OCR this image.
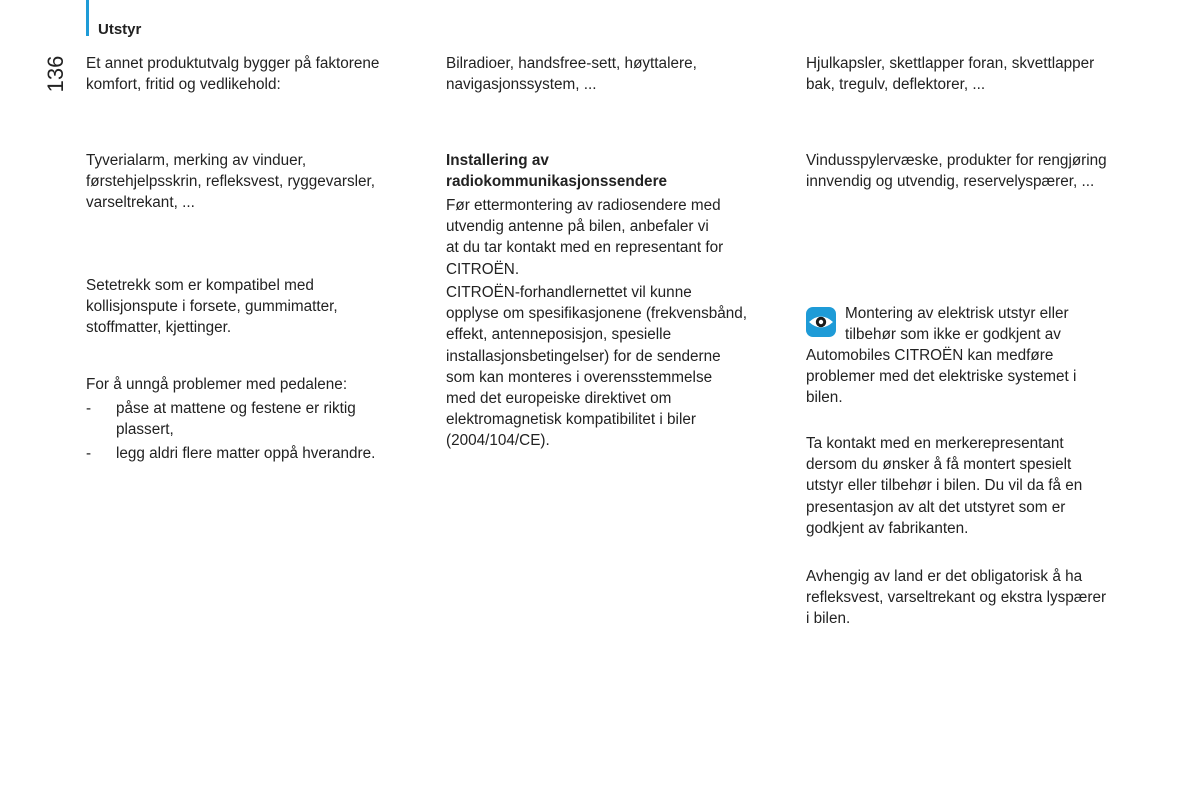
Utstyr
136 Et annet produktutvalg bygger på faktorene
komfort, fritid og vedlikehold:

Tyverialarm, merking av vinduer,
førstehjelpsskrin, refleksvest, ryggevarsler,
varseltrekant, ...

Setetrekk som er kompatibel med
kollisjonspute i forsete, gummimatter,
stoffmatter, kjettinger.

For å unngå problemer med pedalene:

- påse at mattene og festene er riktig
plassert,

- legg aldri flere matter oppå hverandre.

Bilradioer, handsfree-sett, høyttalere,
navigasjonssystem, ...

Installering av
radiokommunikasjonssendere

Før ettermontering av radiosendere med
utvendig antenne på bilen, anbefaler vi
at du tar kontakt med en representant for
CITROËN.

CITROËN-forhandlernettet vil kunne
opplyse om spesifikasjonene (frekvensbånd,
effekt, antenneposisjon, spesielle
installasjonsbetingelser) for de senderne
som kan monteres i overensstemmelse
med det europeiske direktivet om
elektromagnetisk kompatibilitet i biler
(2004/104/CE).

Hjulkapsler, skettlapper foran, skvettlapper
bak, tregulv, deflektorer, ...

Vindusspylervæske, produkter for rengjøring
innvendig og utvendig, reservelyspærer, ...

Montering av elektrisk utstyr eller
tilbehør som ikke er godkjent av

Automobiles CITROËN kan medføre
problemer med det elektriske systemet i
bilen.

Ta kontakt med en merkerepresentant
dersom du ønsker å få montert spesielt
utstyr eller tilbehør i bilen. Du vil da få en
presentasjon av alt det utstyret som er
godkjent av fabrikanten.

Avhengig av land er det obligatorisk å ha
refleksvest, varseltrekant og ekstra lyspærer
i bilen.
